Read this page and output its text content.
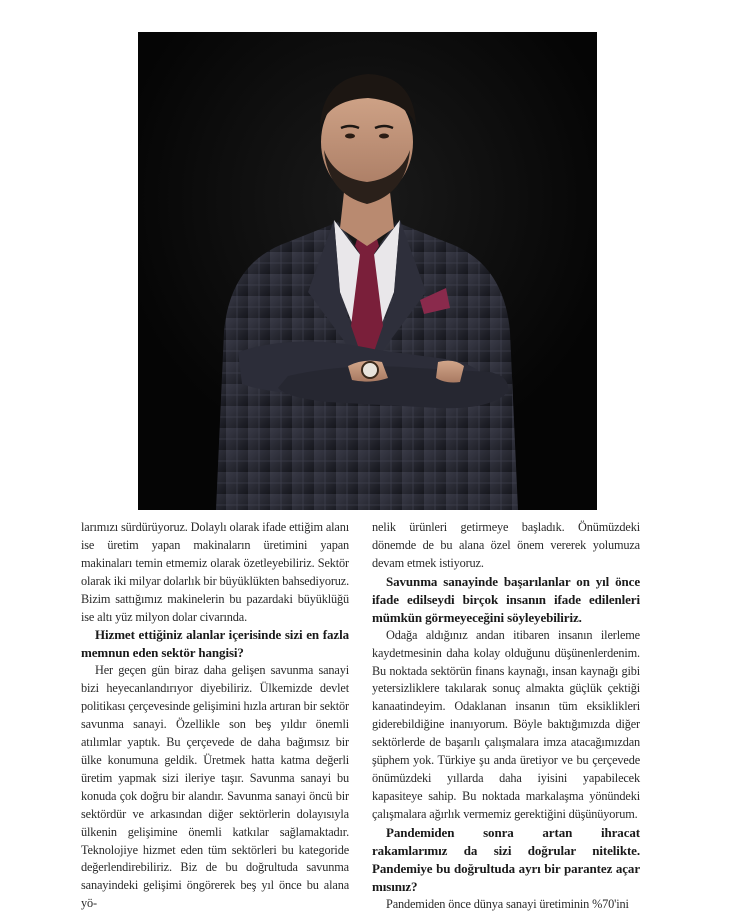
larımızı sürdürüyoruz. Dolaylı olarak ifade ettiğim alanı ise üretim yapan makinaların üretimini yapan makinaları temin etmemiz olarak özetleyebiliriz. Sektör olarak iki milyar dolarlık bir büyüklükten bahsediyoruz. Bizim sattığımız makinelerin bu pazardaki büyüklüğü ise altı yüz milyon dolar civarında.

Hizmet ettiğiniz alanlar içerisinde sizi en fazla memnun eden sektör hangisi?

Her geçen gün biraz daha gelişen savunma sanayi bizi heyecanlandırıyor diyebiliriz. Ülkemizde devlet politikası çerçevesinde gelişimini hızla artıran bir sektör savunma sanayi. Özellikle son beş yıldır önemli atılımlar yaptık. Bu çerçevede de daha bağımsız bir ülke konumuna geldik. Üretmek hatta katma değerli üretim yapmak sizi ileriye taşır. Savunma sanayi bu konuda çok doğru bir alandır. Savunma sanayi öncü bir sektördür ve arkasından diğer sektörlerin dolayısıyla ülkenin gelişimine önemli katkılar sağlamaktadır. Teknolojiye hizmet eden tüm sektörleri bu kategoride değerlendirebiliriz. Biz de bu doğrultuda savunma sanayindeki gelişimi öngörerek beş yıl önce bu alana yö-

nelik ürünleri getirmeye başladık. Önümüzdeki dönemde de bu alana özel önem vererek yolumuza devam etmek istiyoruz.

Savunma sanayinde başarılanlar on yıl önce ifade edilseydi birçok insanın ifade edilenleri mümkün görmeyeceğini söyleyebiliriz.

Odağa aldığınız andan itibaren insanın ilerleme kaydetmesinin daha kolay olduğunu düşünenlerdenim. Bu noktada sektörün finans kaynağı, insan kaynağı gibi yetersizliklere takılarak sonuç almakta güçlük çektiği kanaatindeyim. Odaklanan insanın tüm eksiklikleri giderebildiğine inanıyorum. Böyle baktığımızda diğer sektörlerde de başarılı çalışmalara imza atacağımızdan şüphem yok. Türkiye şu anda üretiyor ve bu çerçevede önümüzdeki yıllarda daha iyisini yapabilecek kapasiteye sahip. Bu noktada markalaşma yönündeki çalışmalara ağırlık vermemiz gerektiğini düşünüyorum.

Pandemiden sonra artan ihracat rakamlarımız da sizi doğrular nitelikte. Pandemiye bu doğrultuda ayrı bir parantez açar mısınız?

Pandemiden önce dünya sanayi üretiminin %70'ini
